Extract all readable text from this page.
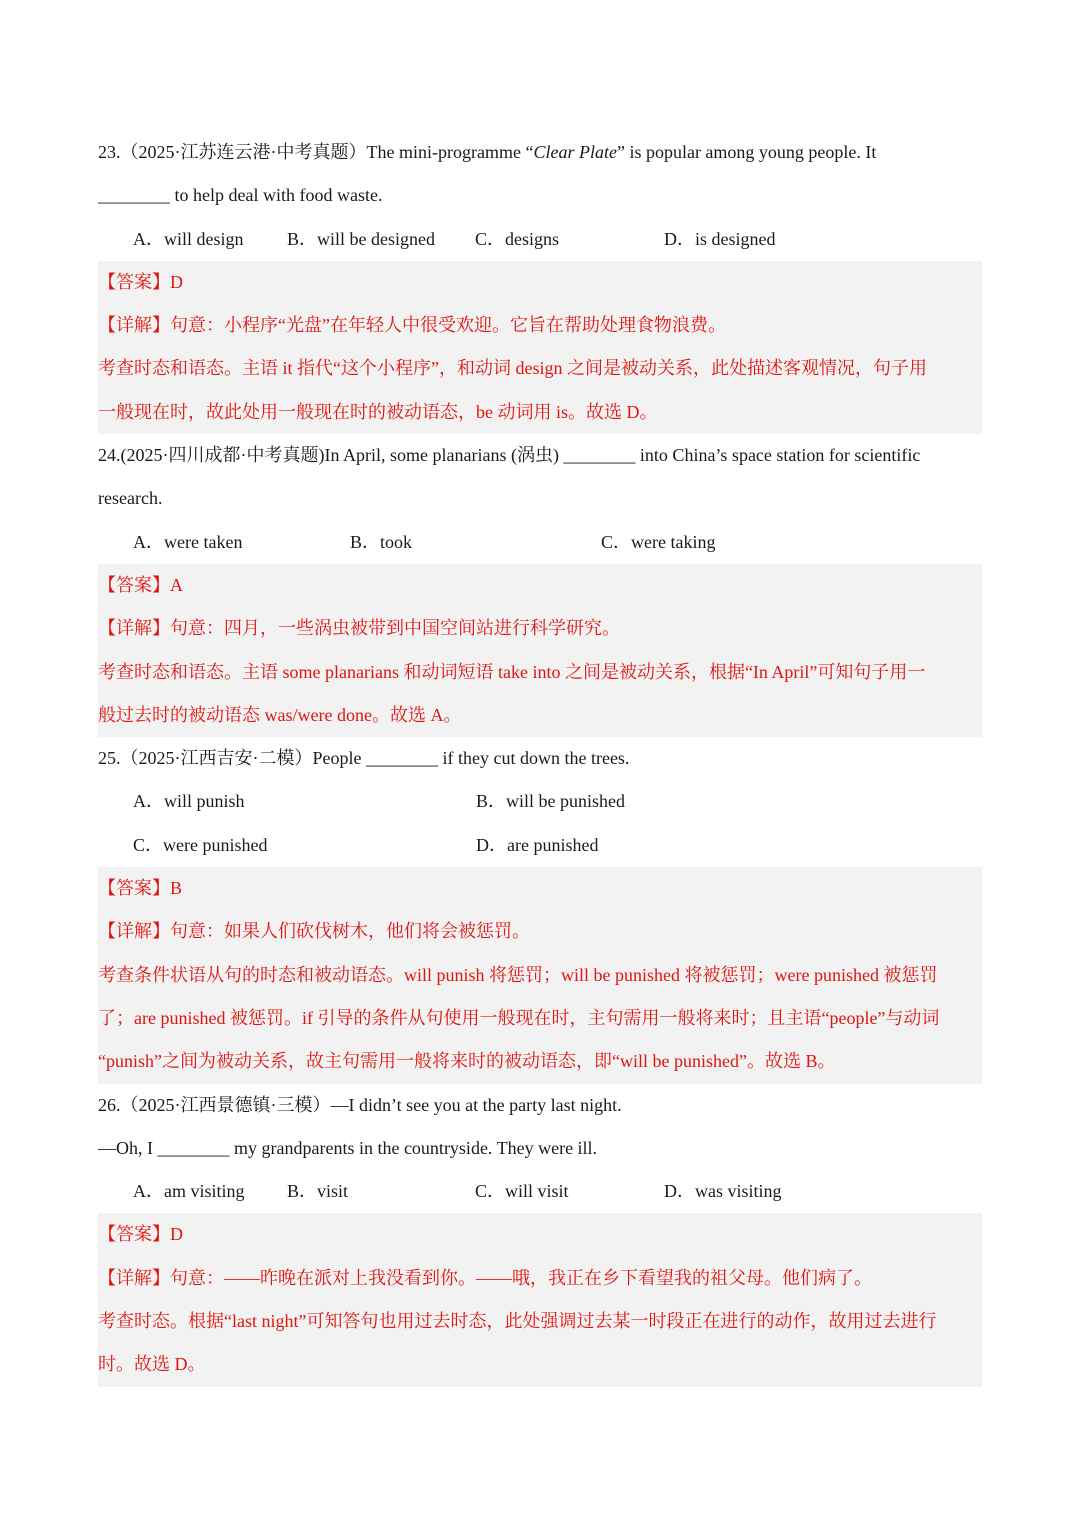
23.（2025·江苏连云港·中考真题）The mini-programme “Clear Plate” is popular among young people. It
________ to help deal with food waste.
A．will design B．will be designed C．designs	D．is designed
【答案】D
【详解】句意：小程序“光盘”在年轻人中很受欢迎。它旨在帮助处理食物浪费。
考查时态和语态。主语 it 指代“这个小程序”，和动词 design 之间是被动关系，此处描述客观情况，句子用
一般现在时，故此处用一般现在时的被动语态，be 动词用 is。故选 D。
24.(2025·四川成都·中考真题)In April, some planarians (涡虫) ________ into China’s space station for scientific
research.
A．were taken	B．took	C．were taking
【答案】A
【详解】句意：四月，一些涡虫被带到中国空间站进行科学研究。
考查时态和语态。主语 some planarians 和动词短语 take into 之间是被动关系，根据“In April”可知句子用一
般过去时的被动语态 was/were done。故选 A。
25.（2025·江西吉安·二模）People ________ if they cut down the trees.
A．will punish	B．will be punished
C．were punished	D．are punished
【答案】B
【详解】句意：如果人们砍伐树木，他们将会被惩罚。
考查条件状语从句的时态和被动语态。will punish 将惩罚；will be punished 将被惩罚；were punished 被惩罚
了；are punished 被惩罚。if 引导的条件从句使用一般现在时，主句需用一般将来时；且主语“people”与动词
“punish”之间为被动关系，故主句需用一般将来时的被动语态，即“will be punished”。故选 B。
26.（2025·江西景德镇·三模）—I didn’t see you at the party last night.
—Oh, I ________ my grandparents in the countryside. They were ill.
A．am visiting B．visit	C．will visit	D．was visiting
【答案】D
【详解】句意：——昨晚在派对上我没看到你。——哦，我正在乡下看望我的祖父母。他们病了。
考查时态。根据“last night”可知答句也用过去时态，此处强调过去某一时段正在进行的动作，故用过去进行
时。故选 D。
